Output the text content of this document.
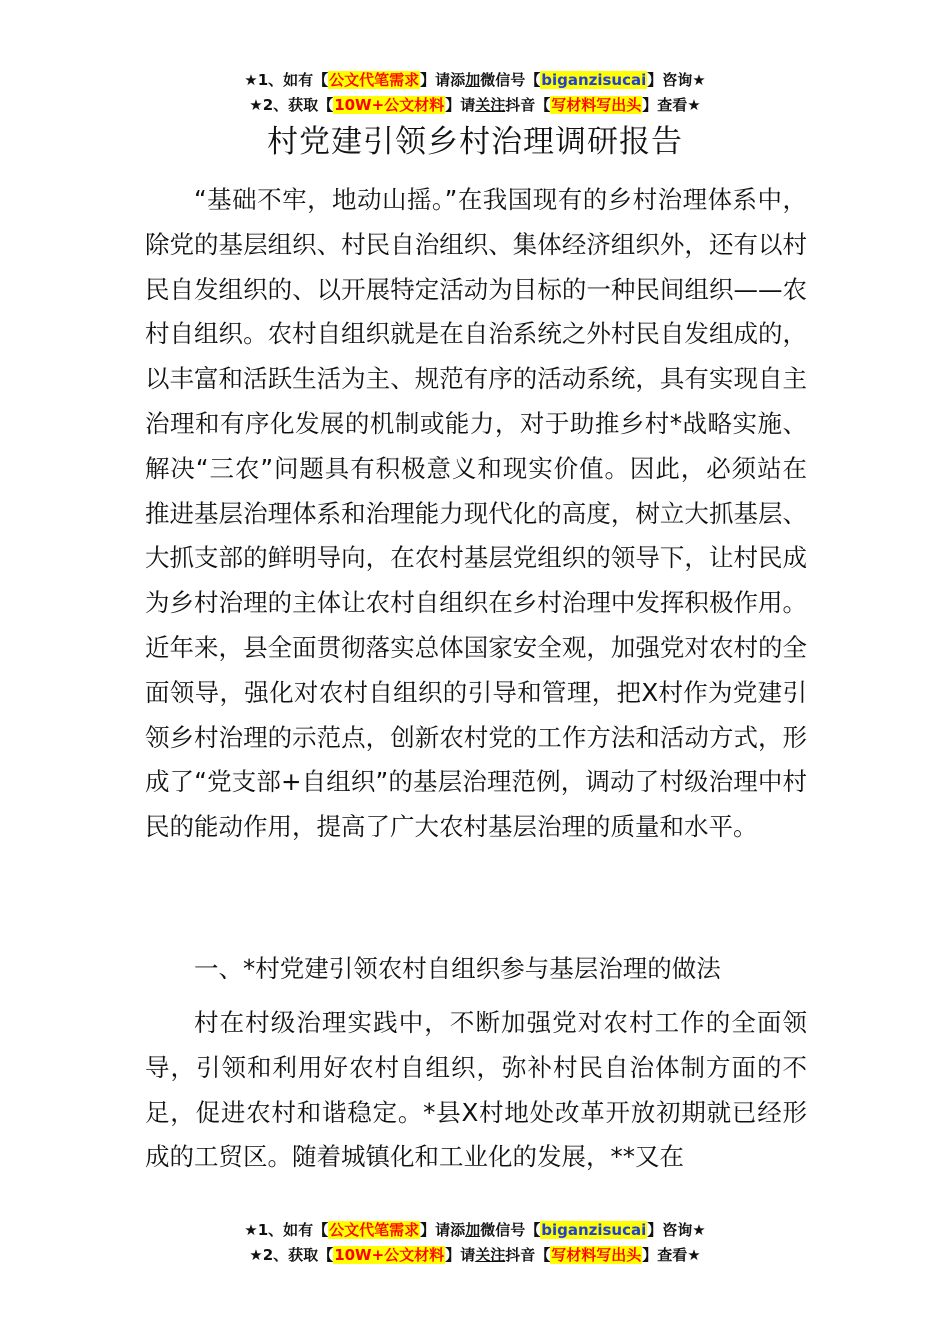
★1、如有【公文代笔需求】请添加微信号【biganzisucai】咨询★
★2、获取【10W+公文材料】请关注抖音【写材料写出头】查看★
村党建引领乡村治理调研报告

“基础不牢，地动山摇。”在我国现有的乡村治理体系中，除党的基层组织、村民自治组织、集体经济组织外，还有以村民自发组织的、以开展特定活动为目标的一种民间组织——农村自组织。农村自组织就是在自治系统之外村民自发组成的，以丰富和活跃生活为主、规范有序的活动系统，具有实现自主治理和有序化发展的机制或能力，对于助推乡村*战略实施、解决“三农”问题具有积极意义和现实价值。因此，必须站在推进基层治理体系和治理能力现代化的高度，树立大抓基层、大抓支部的鲜明导向，在农村基层党组织的领导下，让村民成为乡村治理的主体让农村自组织在乡村治理中发挥积极作用。近年来，县全面贯彻落实总体国家安全观，加强党对农村的全面领导，强化对农村自组织的引导和管理，把X村作为党建引领乡村治理的示范点，创新农村党的工作方法和活动方式，形成了“党支部+自组织”的基层治理范例，调动了村级治理中村民的能动作用，提高了广大农村基层治理的质量和水平。

一、*村党建引领农村自组织参与基层治理的做法

村在村级治理实践中，不断加强党对农村工作的全面领导，引领和利用好农村自组织，弥补村民自治体制方面的不足，促进农村和谐稳定。*县X村地处改革开放初期就已经形成的工贸区。随着城镇化和工业化的发展，**又在

★1、如有【公文代笔需求】请添加微信号【biganzisucai】咨询★
★2、获取【10W+公文材料】请关注抖音【写材料写出头】查看★
